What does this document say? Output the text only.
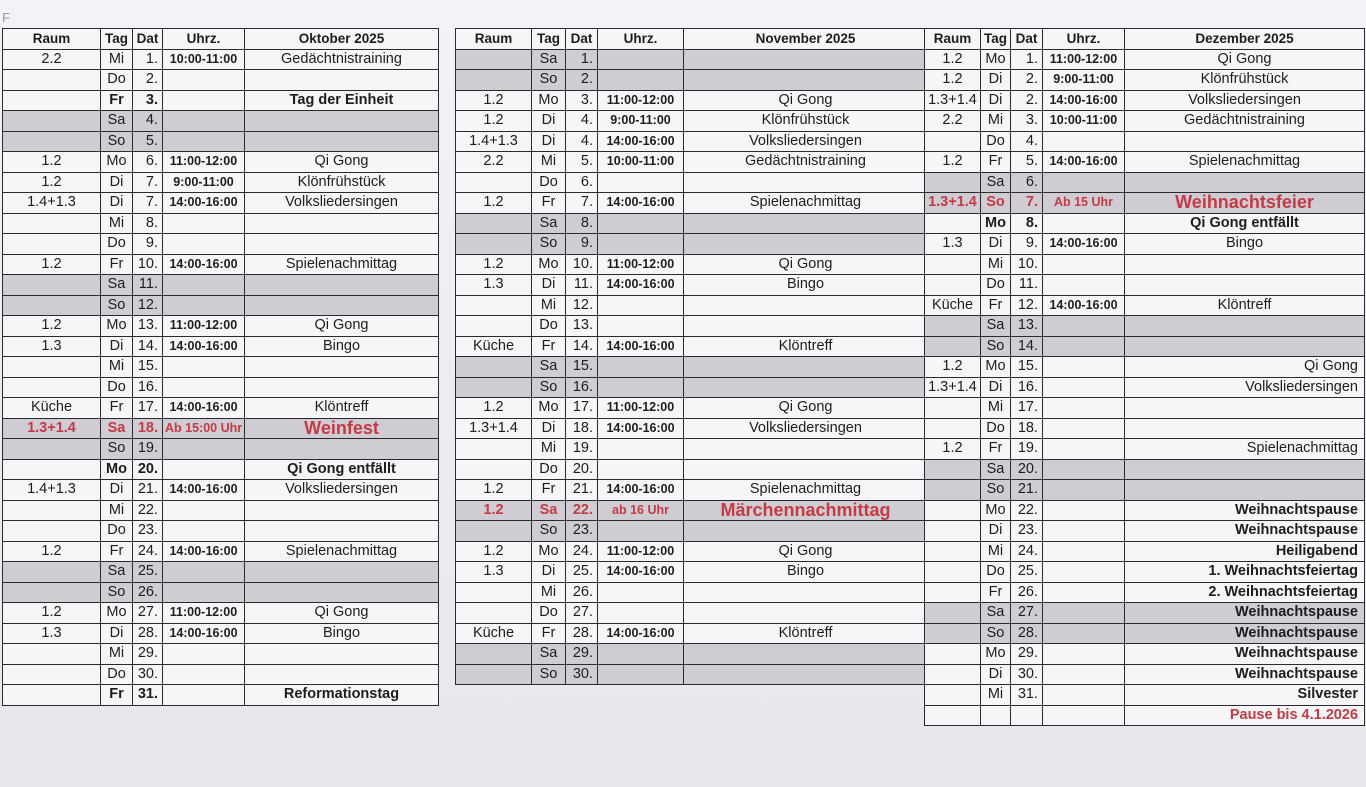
F
Raum	Tag	Dat	Uhrz.	Oktober 2025
2.2	Mi	1.	10:00-11:00	Gedächtnistraining
	Do	2.		
	Fr	3.		Tag der Einheit
	Sa	4.		
	So	5.		
1.2	Mo	6.	11:00-12:00	Qi Gong
1.2	Di	7.	9:00-11:00	Klönfrühstück
1.4+1.3	Di	7.	14:00-16:00	Volksliedersingen
	Mi	8.		
	Do	9.		
1.2	Fr	10.	14:00-16:00	Spielenachmittag
	Sa	11.		
	So	12.		
1.2	Mo	13.	11:00-12:00	Qi Gong
1.3	Di	14.	14:00-16:00	Bingo
	Mi	15.		
	Do	16.		
Küche	Fr	17.	14:00-16:00	Klöntreff
1.3+1.4	Sa	18.	Ab 15:00 Uhr	Weinfest
	So	19.		
	Mo	20.		Qi Gong entfällt
1.4+1.3	Di	21.	14:00-16:00	Volksliedersingen
	Mi	22.		
	Do	23.		
1.2	Fr	24.	14:00-16:00	Spielenachmittag
	Sa	25.		
	So	26.		
1.2	Mo	27.	11:00-12:00	Qi Gong
1.3	Di	28.	14:00-16:00	Bingo
	Mi	29.		
	Do	30.		
	Fr	31.		Reformationstag
Raum	Tag	Dat	Uhrz.	November 2025
	Sa	1.		
	So	2.		
1.2	Mo	3.	11:00-12:00	Qi Gong
1.2	Di	4.	9:00-11:00	Klönfrühstück
1.4+1.3	Di	4.	14:00-16:00	Volksliedersingen
2.2	Mi	5.	10:00-11:00	Gedächtnistraining
	Do	6.		
1.2	Fr	7.	14:00-16:00	Spielenachmittag
	Sa	8.		
	So	9.		
1.2	Mo	10.	11:00-12:00	Qi Gong
1.3	Di	11.	14:00-16:00	Bingo
	Mi	12.		
	Do	13.		
Küche	Fr	14.	14:00-16:00	Klöntreff
	Sa	15.		
	So	16.		
1.2	Mo	17.	11:00-12:00	Qi Gong
1.3+1.4	Di	18.	14:00-16:00	Volksliedersingen
	Mi	19.		
	Do	20.		
1.2	Fr	21.	14:00-16:00	Spielenachmittag
1.2	Sa	22.	ab 16 Uhr	Märchennachmittag
	So	23.		
1.2	Mo	24.	11:00-12:00	Qi Gong
1.3	Di	25.	14:00-16:00	Bingo
	Mi	26.		
	Do	27.		
Küche	Fr	28.	14:00-16:00	Klöntreff
	Sa	29.		
	So	30.		
Raum	Tag	Dat	Uhrz.	Dezember 2025
1.2	Mo	1.	11:00-12:00	Qi Gong
1.2	Di	2.	9:00-11:00	Klönfrühstück
1.3+1.4	Di	2.	14:00-16:00	Volksliedersingen
2.2	Mi	3.	10:00-11:00	Gedächtnistraining
	Do	4.		
1.2	Fr	5.	14:00-16:00	Spielenachmittag
	Sa	6.		
1.3+1.4	So	7.	Ab 15 Uhr	Weihnachtsfeier
	Mo	8.		Qi Gong entfällt
1.3	Di	9.	14:00-16:00	Bingo
	Mi	10.		
	Do	11.		
Küche	Fr	12.	14:00-16:00	Klöntreff
	Sa	13.		
	So	14.		
1.2	Mo	15.		Qi Gong
1.3+1.4	Di	16.		Volksliedersingen
	Mi	17.		
	Do	18.		
1.2	Fr	19.		Spielenachmittag
	Sa	20.		
	So	21.		
	Mo	22.		Weihnachtspause
	Di	23.		Weihnachtspause
	Mi	24.		Heiligabend
	Do	25.		1. Weihnachtsfeiertag
	Fr	26.		2. Weihnachtsfeiertag
	Sa	27.		Weihnachtspause
	So	28.		Weihnachtspause
	Mo	29.		Weihnachtspause
	Di	30.		Weihnachtspause
	Mi	31.		Silvester
				Pause bis 4.1.2026
